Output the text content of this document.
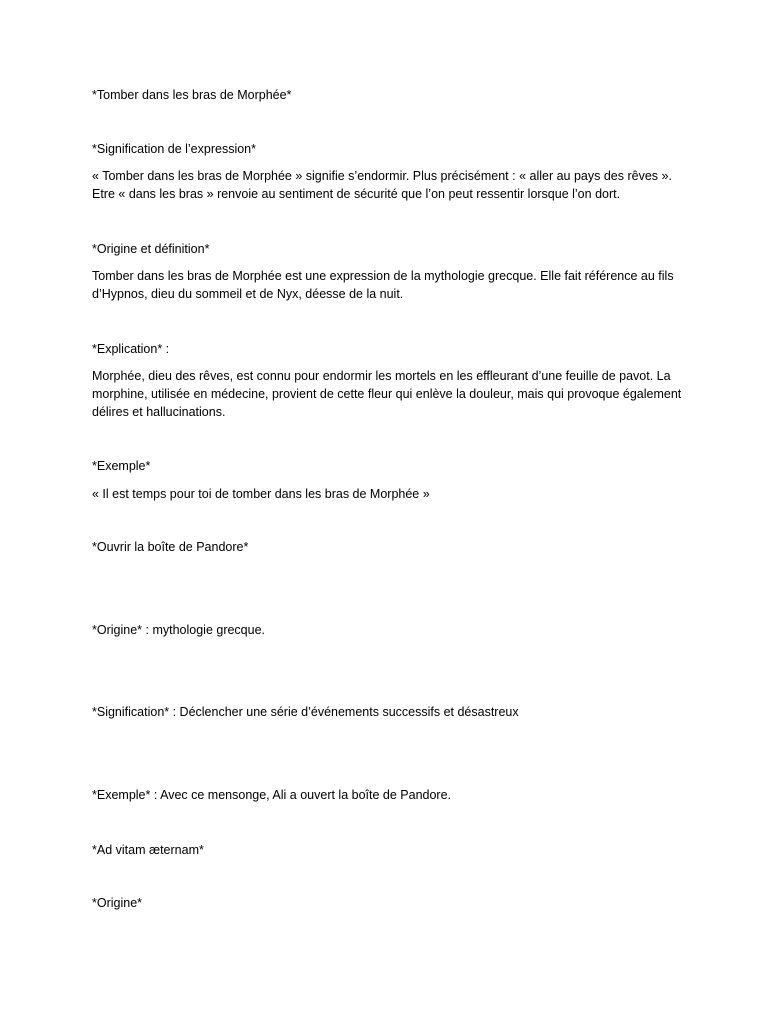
*Tomber dans les bras de Morphée*
*Signification de l’expression*
« Tomber dans les bras de Morphée » signifie s’endormir. Plus précisément : « aller au pays des rêves ». Etre « dans les bras » renvoie au sentiment de sécurité que l’on peut ressentir lorsque l’on dort.
*Origine et définition*
Tomber dans les bras de Morphée est une expression de la mythologie grecque. Elle fait référence au fils d’Hypnos, dieu du sommeil et de Nyx, déesse de la nuit.
*Explication* :
Morphée, dieu des rêves, est connu pour endormir les mortels en les effleurant d’une feuille de pavot. La morphine, utilisée en médecine, provient de cette fleur qui enlève la douleur, mais qui provoque également délires et hallucinations.
*Exemple*
« Il est temps pour toi de tomber dans les bras de Morphée »
*Ouvrir la boîte de Pandore*
*Origine* : mythologie grecque.
*Signification* : Déclencher une série d’événements successifs et désastreux
*Exemple* : Avec ce mensonge, Ali a ouvert la boîte de Pandore.
*Ad vitam æternam*
*Origine*
